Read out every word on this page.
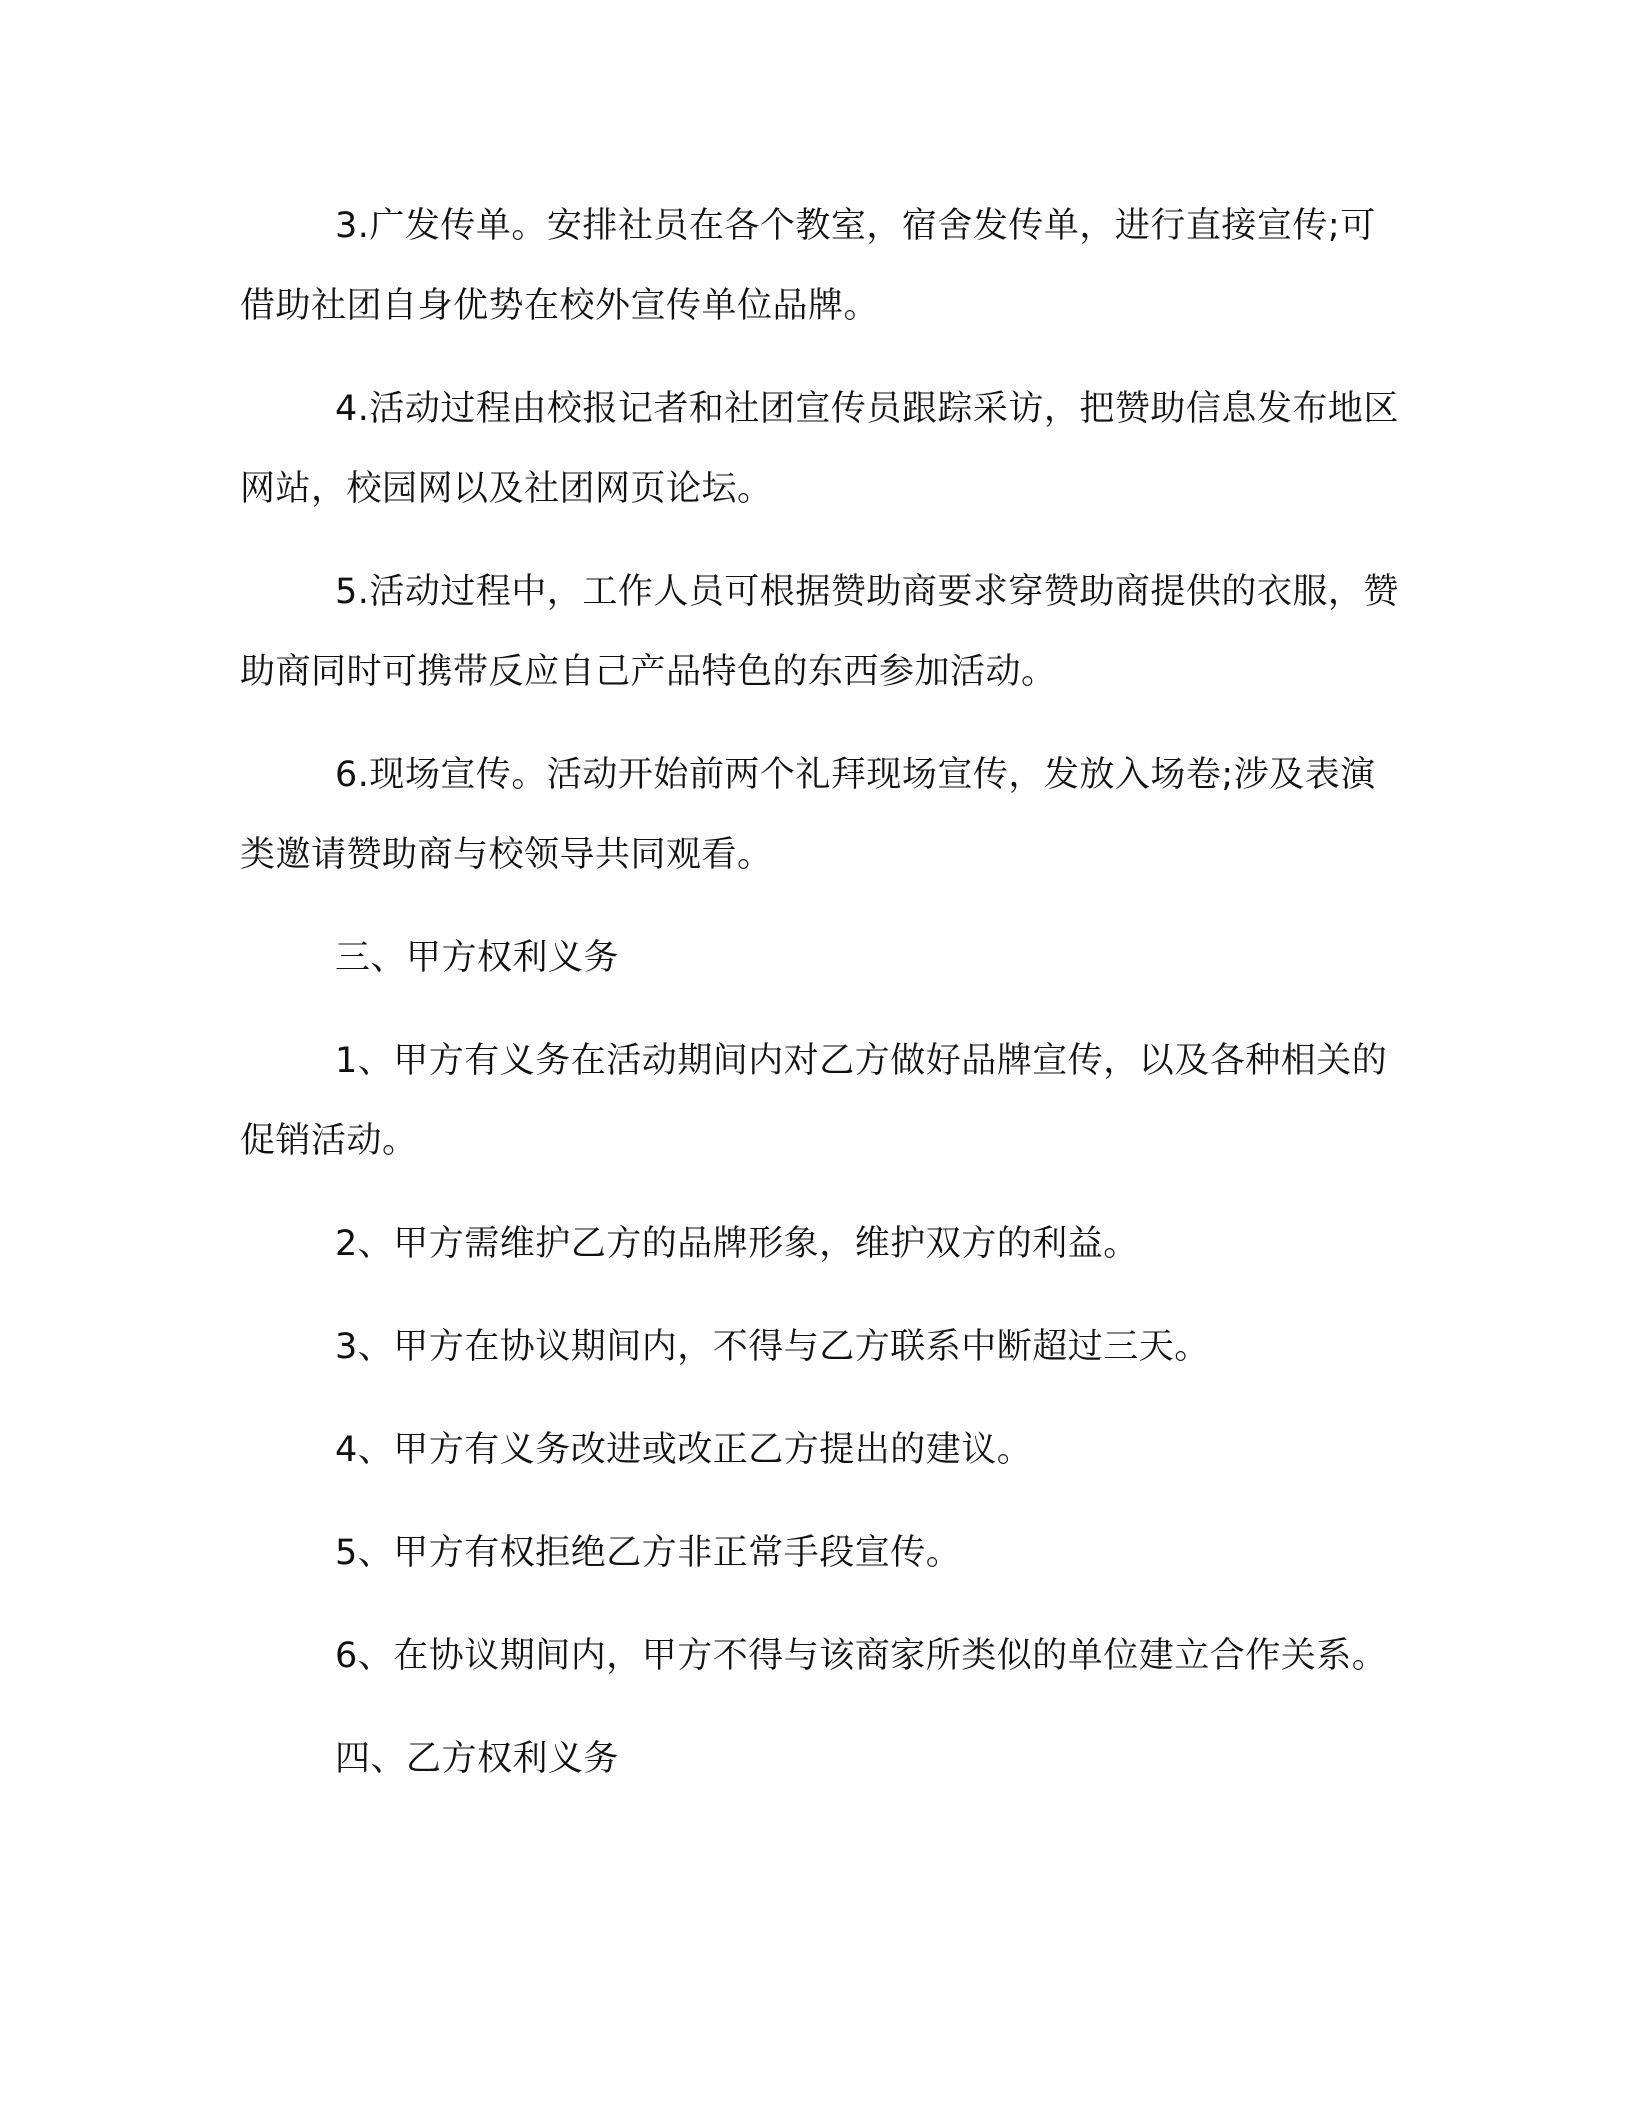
3.广发传单。安排社员在各个教室，宿舍发传单，进行直接宣传;可借助社团自身优势在校外宣传单位品牌。

4.活动过程由校报记者和社团宣传员跟踪采访，把赞助信息发布地区网站，校园网以及社团网页论坛。

5.活动过程中，工作人员可根据赞助商要求穿赞助商提供的衣服，赞助商同时可携带反应自己产品特色的东西参加活动。

6.现场宣传。活动开始前两个礼拜现场宣传，发放入场卷;涉及表演类邀请赞助商与校领导共同观看。

三、甲方权利义务

1、甲方有义务在活动期间内对乙方做好品牌宣传，以及各种相关的促销活动。

2、甲方需维护乙方的品牌形象，维护双方的利益。

3、甲方在协议期间内，不得与乙方联系中断超过三天。

4、甲方有义务改进或改正乙方提出的建议。

5、甲方有权拒绝乙方非正常手段宣传。

6、在协议期间内，甲方不得与该商家所类似的单位建立合作关系。

四、乙方权利义务
